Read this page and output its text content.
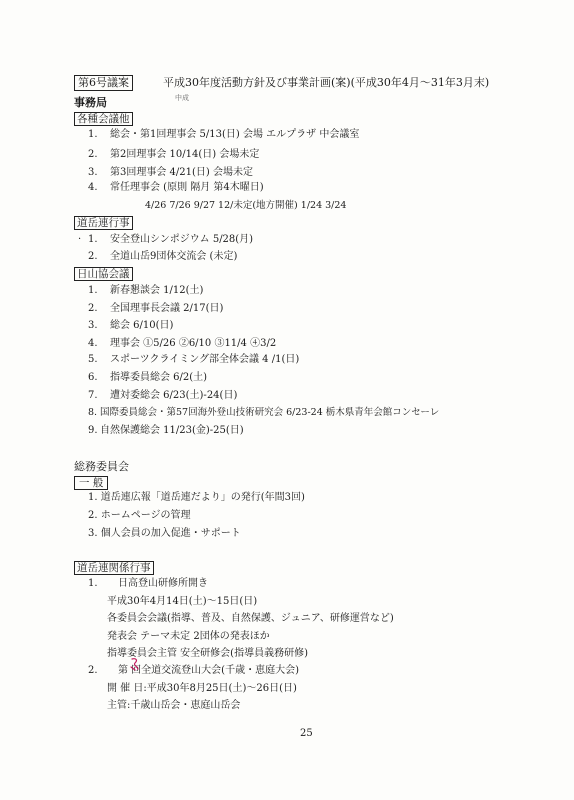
第6号議案	平成30年度活動方針及び事業計画(案)(平成30年4月～31年3月末)
中成
事務局
各種会議他
1. 総会・第1回理事会 5/13(日) 会場 エルプラザ 中会議室
2. 第2回理事会 10/14(日) 会場未定
3. 第3回理事会 4/21(日) 会場未定
4. 常任理事会 (原則 隔月 第4木曜日)
4/26 7/26 9/27 12/未定(地方開催) 1/24 3/24
道岳連行事
· 1. 安全登山シンポジウム 5/28(月)
2. 全道山岳9団体交流会 (未定)
日山協会議
1. 新春懇談会 1/12(土)
2. 全国理事長会議 2/17(日)
3. 総会 6/10(日)
4. 理事会 ①5/26 ②6/10 ③11/4 ④3/2
5. スポーツクライミング部全体会議 4 /1(日)
6. 指導委員総会 6/2(土)
7. 遭対委総会 6/23(土)-24(日)
8. 国際委員総会・第57回海外登山技術研究会 6/23-24 栃木県青年会館コンセーレ
9. 自然保護総会 11/23(金)-25(日)
総務委員会
一 般
1. 道岳連広報「道岳連だより」の発行(年間3回)
2. ホームページの管理
3. 個人会員の加入促進・サポート
道岳連関係行事
1. 日高登山研修所開き
平成30年4月14日(土)～15日(日)
各委員会会議(指導、普及、自然保護、ジュニア、研修運営など)
発表会 テーマ未定 2団体の発表ほか
指導委員会主管 安全研修会(指導員義務研修)
2. 第 回全道交流登山大会(千歳・恵庭大会)
開 催 日:平成30年8月25日(土)～26日(日)
主管:千歳山岳会・恵庭山岳会
25
